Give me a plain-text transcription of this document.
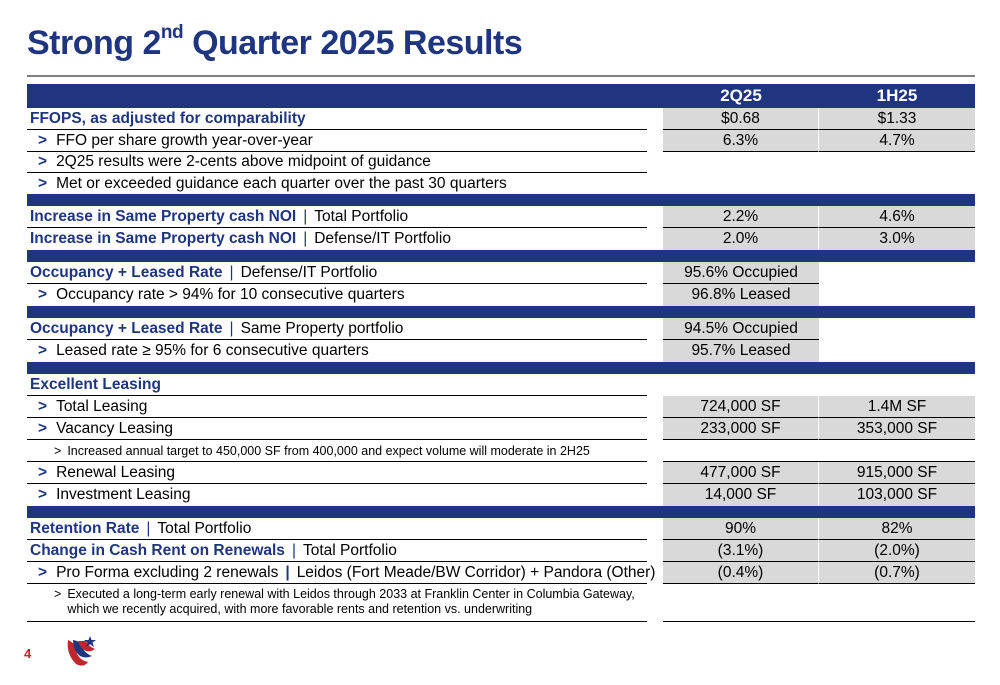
Strong 2nd Quarter 2025 Results
2Q25	1H25
FFOPS, as adjusted for comparability	$0.68	$1.33
> FFO per share growth year-over-year	6.3%	4.7%
> 2Q25 results were 2-cents above midpoint of guidance
> Met or exceeded guidance each quarter over the past 30 quarters
Increase in Same Property cash NOI | Total Portfolio	2.2%	4.6%
Increase in Same Property cash NOI | Defense/IT Portfolio	2.0%	3.0%
Occupancy + Leased Rate | Defense/IT Portfolio	95.6% Occupied
> Occupancy rate > 94% for 10 consecutive quarters	96.8% Leased
Occupancy + Leased Rate | Same Property portfolio	94.5% Occupied
> Leased rate ≥ 95% for 6 consecutive quarters	95.7% Leased
Excellent Leasing
> Total Leasing	724,000 SF	1.4M SF
> Vacancy Leasing	233,000 SF	353,000 SF
> Increased annual target to 450,000 SF from 400,000 and expect volume will moderate in 2H25
> Renewal Leasing	477,000 SF	915,000 SF
> Investment Leasing	14,000 SF	103,000 SF
Retention Rate | Total Portfolio	90%	82%
Change in Cash Rent on Renewals | Total Portfolio	(3.1%)	(2.0%)
> Pro Forma excluding 2 renewals | Leidos (Fort Meade/BW Corridor) + Pandora (Other)	(0.4%)	(0.7%)
> Executed a long-term early renewal with Leidos through 2033 at Franklin Center in Columbia Gateway,
which we recently acquired, with more favorable rents and retention vs. underwriting
4
